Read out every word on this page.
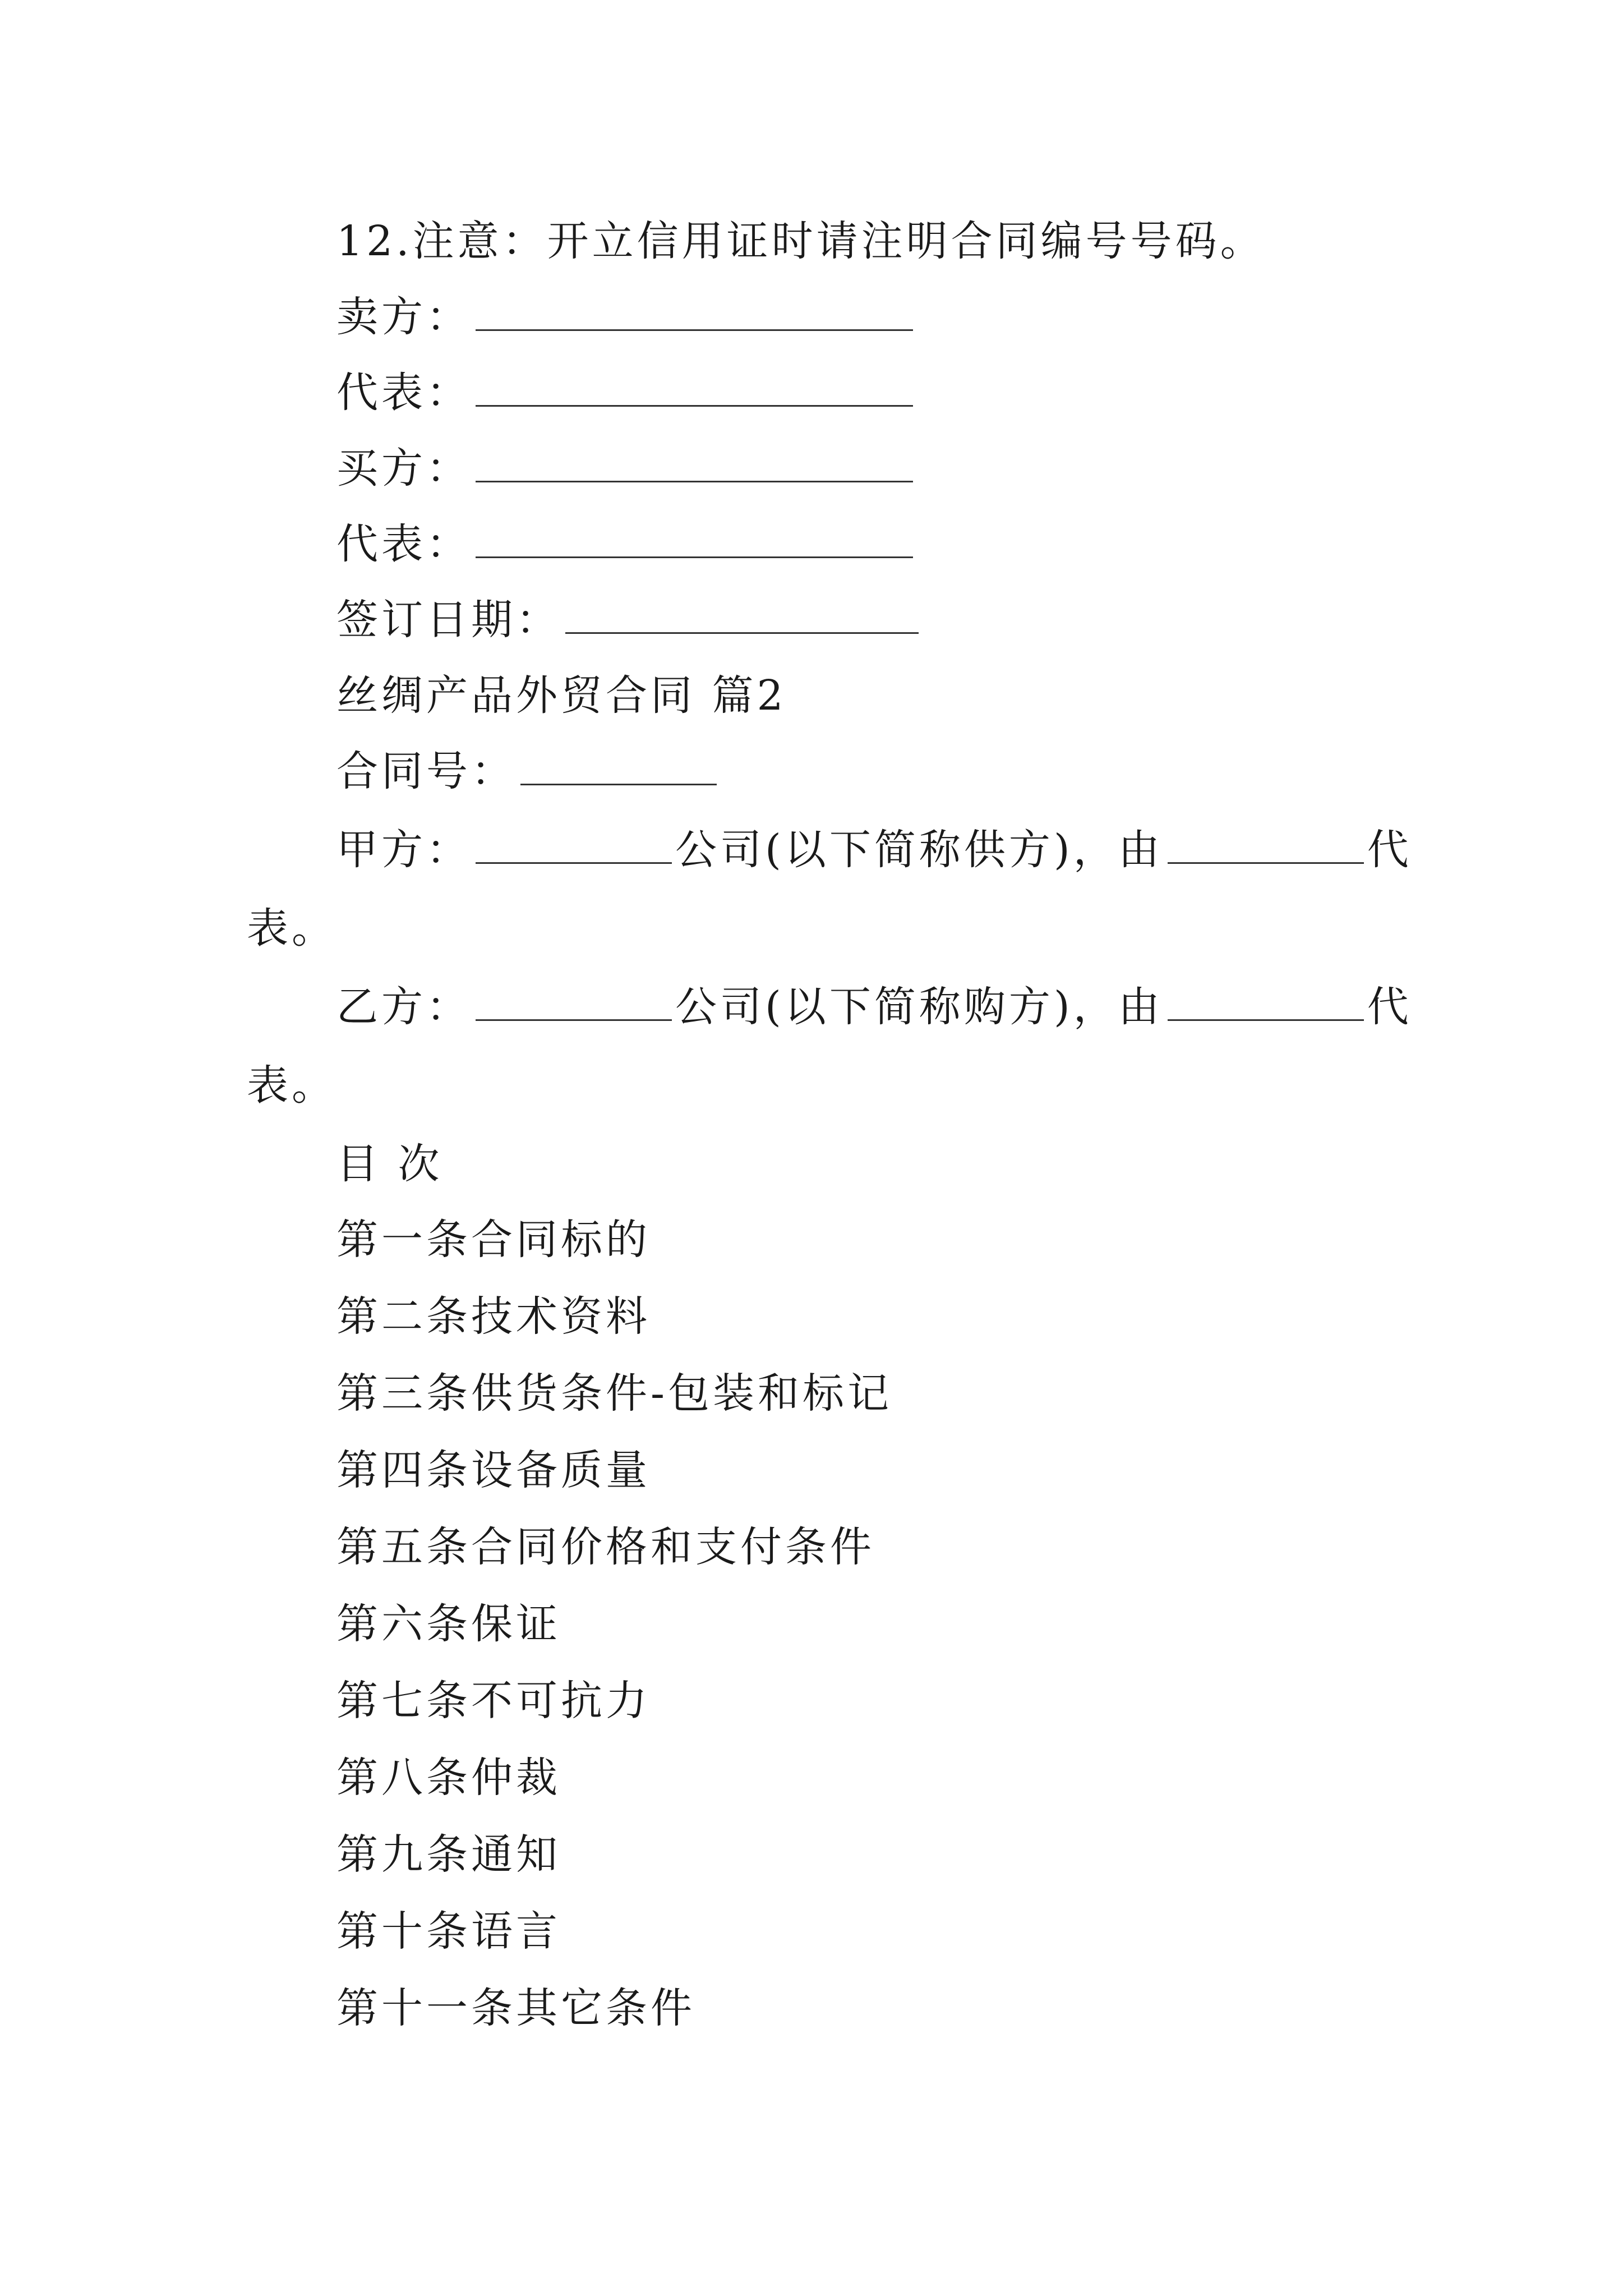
12.注意：开立信用证时请注明合同编号号码。
卖方：
代表：
买方：
代表：
签订日期：
丝绸产品外贸合同 篇2
合同号：
甲方：	公司(以下简称供方)，由	代
表。
乙方：	公司(以下简称购方)，由	代
表。
目 次
第一条合同标的
第二条技术资料
第三条供货条件-包装和标记
第四条设备质量
第五条合同价格和支付条件
第六条保证
第七条不可抗力
第八条仲裁
第九条通知
第十条语言
第十一条其它条件
